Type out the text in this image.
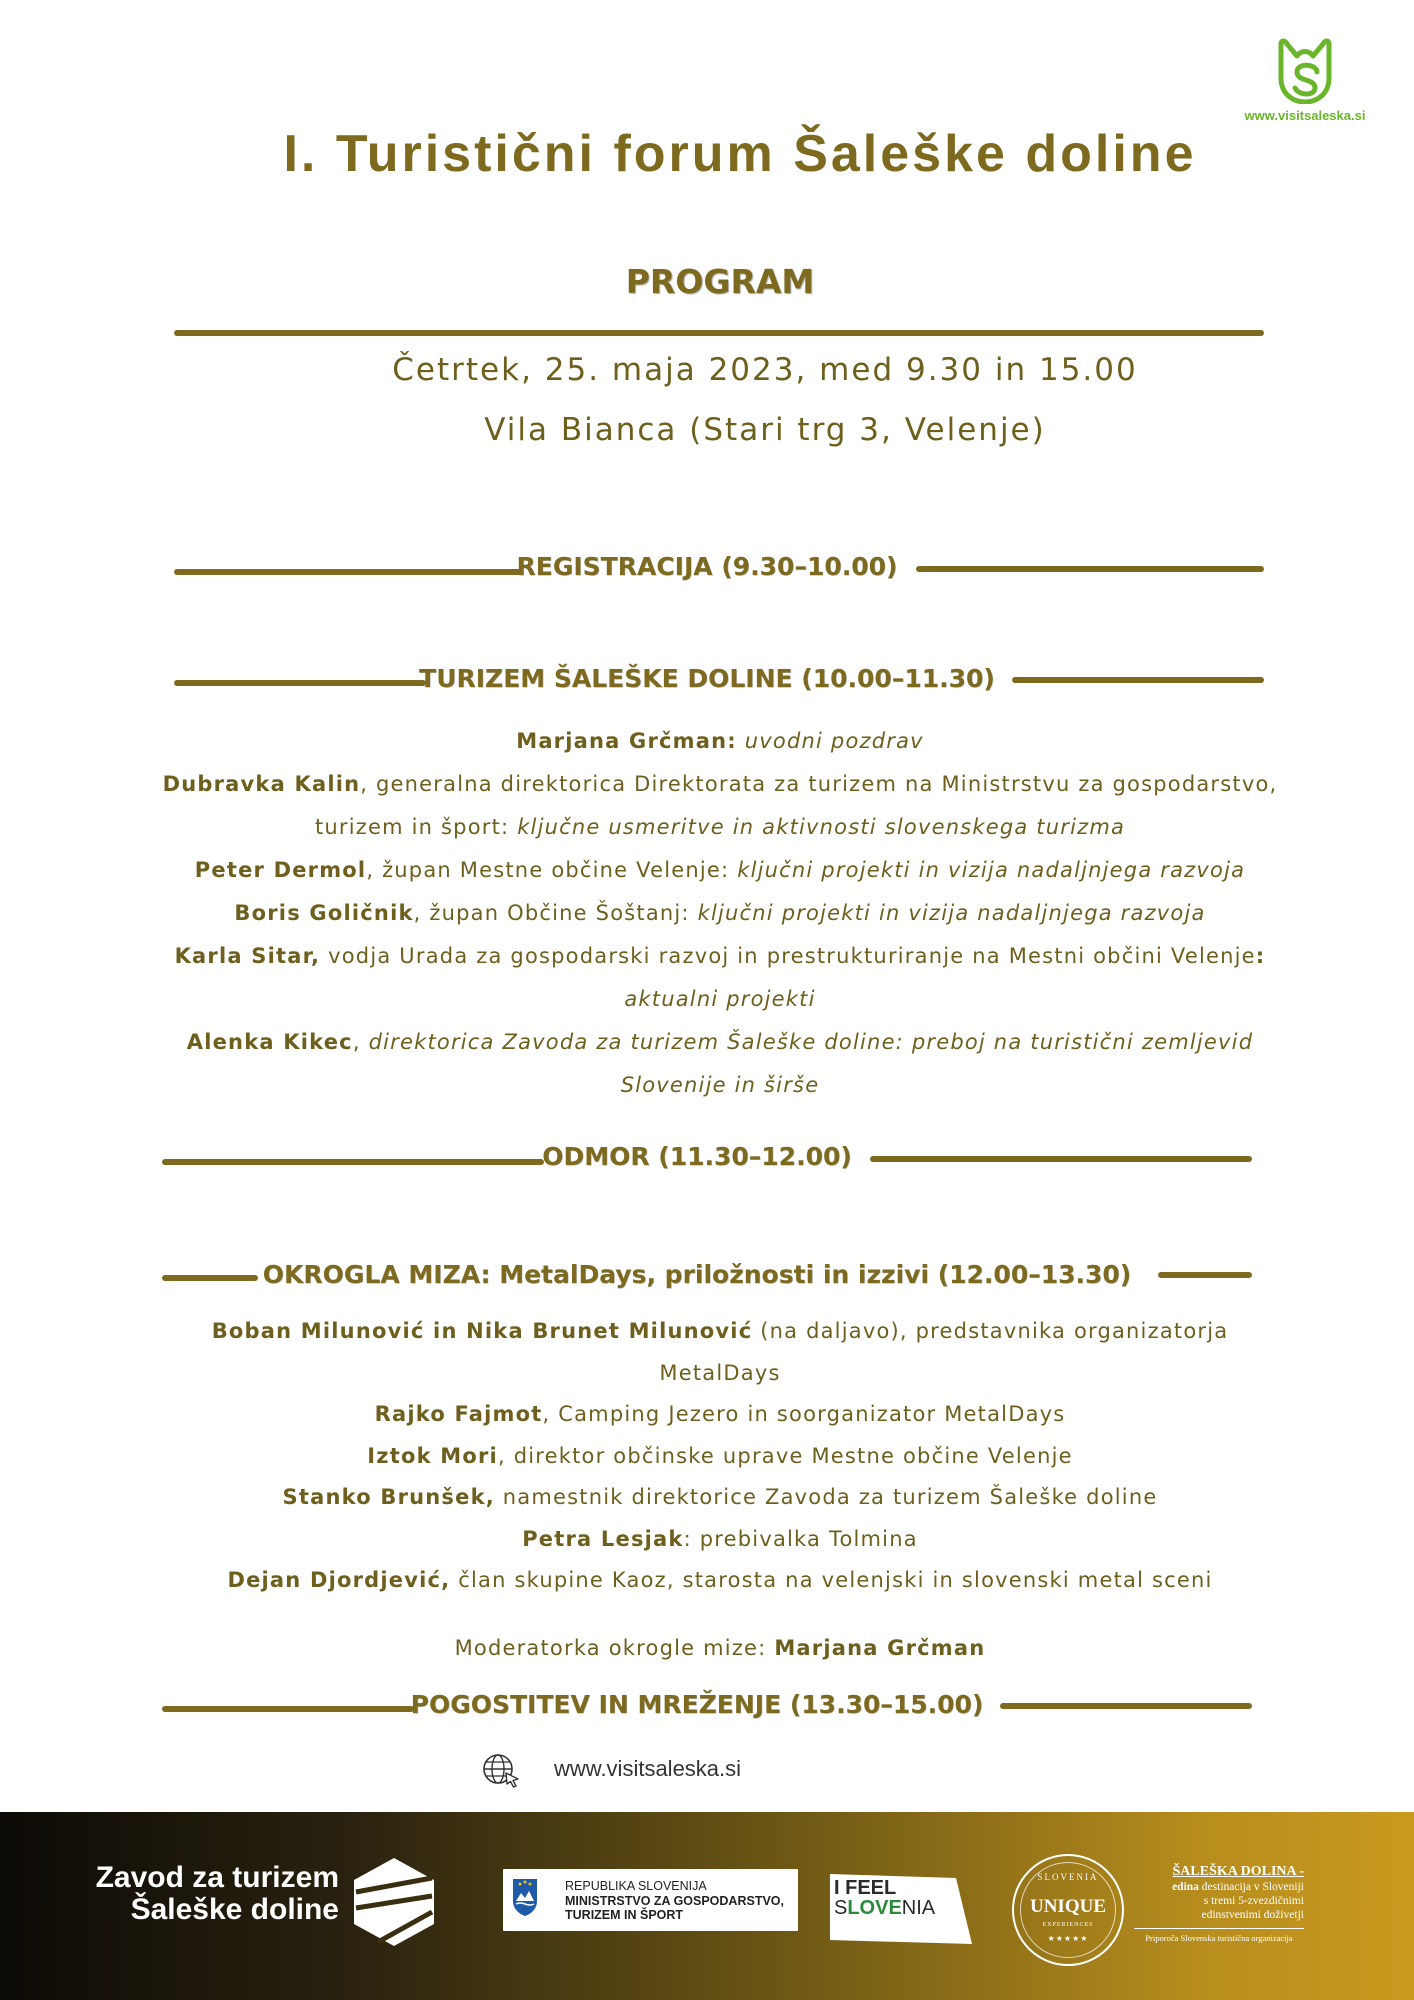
www.visitsaleska.si
I. Turistični forum Šaleške doline
PROGRAM
Četrtek, 25. maja 2023, med 9.30 in 15.00
Vila Bianca (Stari trg 3, Velenje)
REGISTRACIJA (9.30–10.00)
TURIZEM ŠALEŠKE DOLINE (10.00–11.30)
Marjana Grčman: uvodni pozdrav
Dubravka Kalin, generalna direktorica Direktorata za turizem na Ministrstvu za gospodarstvo, turizem in šport: ključne usmeritve in aktivnosti slovenskega turizma
Peter Dermol, župan Mestne občine Velenje: ključni projekti in vizija nadaljnjega razvoja
Boris Goličnik, župan Občine Šoštanj: ključni projekti in vizija nadaljnjega razvoja
Karla Sitar, vodja Urada za gospodarski razvoj in prestrukturiranje na Mestni občini Velenje: aktualni projekti
Alenka Kikec, direktorica Zavoda za turizem Šaleške doline: preboj na turistični zemljevid Slovenije in širše
ODMOR (11.30–12.00)
OKROGLA MIZA: MetalDays, priložnosti in izzivi (12.00–13.30)
Boban Milunović in Nika Brunet Milunović (na daljavo), predstavnika organizatorja MetalDays
Rajko Fajmot, Camping Jezero in soorganizator MetalDays
Iztok Mori, direktor občinske uprave Mestne občine Velenje
Stanko Brunšek, namestnik direktorice Zavoda za turizem Šaleške doline
Petra Lesjak: prebivalka Tolmina
Dejan Djordjević, član skupine Kaoz, starosta na velenjski in slovenski metal sceni
Moderatorka okrogle mize: Marjana Grčman
POGOSTITEV IN MREŽENJE (13.30–15.00)
www.visitsaleska.si
Zavod za turizem
Šaleške doline
REPUBLIKA SLOVENIJA
MINISTRSTVO ZA GOSPODARSTVO,
TURIZEM IN ŠPORT
I FEEL
SLOVENIA
SLOVENIA
UNIQUE
EXPERIENCES
★★★★★
ŠALEŠKA DOLINA -
edina destinacija v Sloveniji
s tremi 5-zvezdičnimi
edinstvenimi doživetji
Priporoča Slovenska turistična organizacija
